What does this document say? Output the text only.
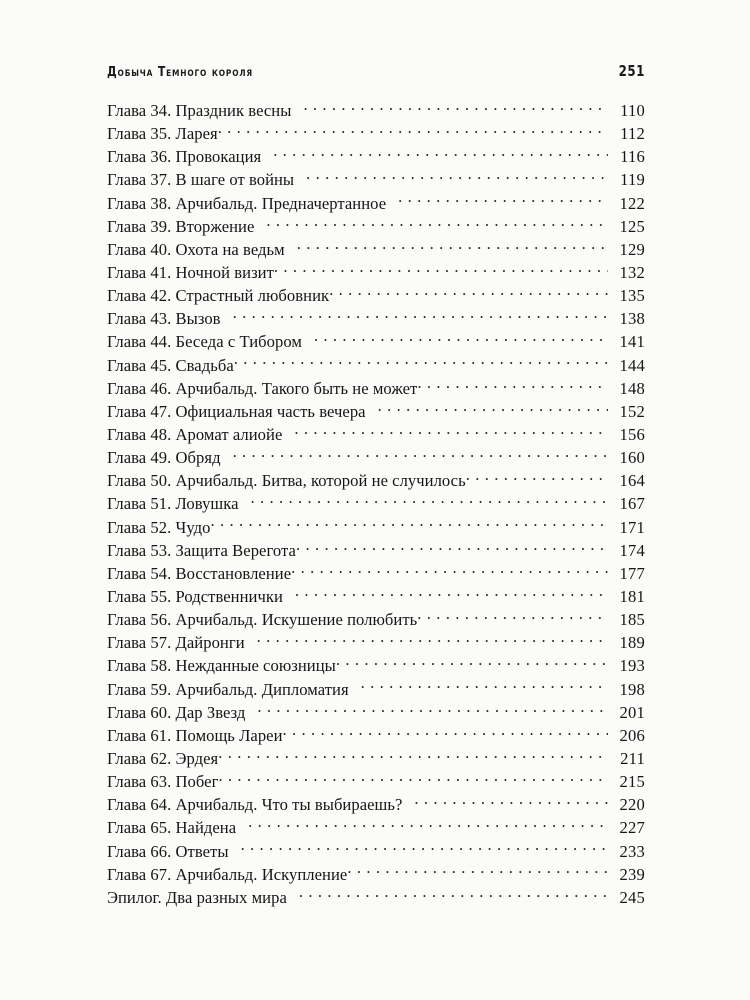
Добыча Темного короля	251
Глава 34. Праздник весны . . .	110
Глава 35. Ларея . . .	112
Глава 36. Провокация . . .	116
Глава 37. В шаге от войны . . .	119
Глава 38. Арчибальд. Предначертанное . . .	122
Глава 39. Вторжение . . .	125
Глава 40. Охота на ведьм . . .	129
Глава 41. Ночной визит . . .	132
Глава 42. Страстный любовник . . .	135
Глава 43. Вызов . . .	138
Глава 44. Беседа с Тибором . . .	141
Глава 45. Свадьба . . .	144
Глава 46. Арчибальд. Такого быть не может . . .	148
Глава 47. Официальная часть вечера . . .	152
Глава 48. Аромат алиойе . . .	156
Глава 49. Обряд . . .	160
Глава 50. Арчибальд. Битва, которой не случилось . . .	164
Глава 51. Ловушка . . .	167
Глава 52. Чудо . . .	171
Глава 53. Защита Верегота . . .	174
Глава 54. Восстановление . . .	177
Глава 55. Родственнички . . .	181
Глава 56. Арчибальд. Искушение полюбить . . .	185
Глава 57. Дайронги . . .	189
Глава 58. Нежданные союзницы . . .	193
Глава 59. Арчибальд. Дипломатия . . .	198
Глава 60. Дар Звезд . . .	201
Глава 61. Помощь Лареи . . .	206
Глава 62. Эрдея . . .	211
Глава 63. Побег . . .	215
Глава 64. Арчибальд. Что ты выбираешь? . . .	220
Глава 65. Найдена . . .	227
Глава 66. Ответы . . .	233
Глава 67. Арчибальд. Искупление . . .	239
Эпилог. Два разных мира . . .	245
